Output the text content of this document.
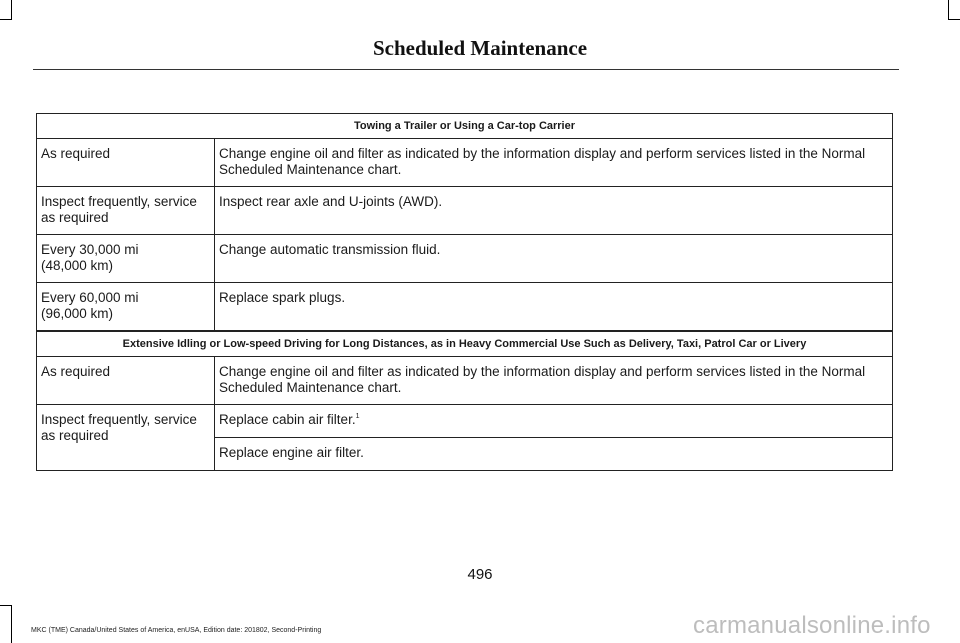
Scheduled Maintenance
Towing a Trailer or Using a Car-top Carrier	
As required	Change engine oil and filter as indicated by the information display and perform services listed in the Normal Scheduled Maintenance chart.
Inspect frequently, service as required	Inspect rear axle and U-joints (AWD).

Every 30,000 mi
(48,000 km)	Change automatic transmission fluid.

Every 60,000 mi
(96,000 km)	Replace spark plugs.
Extensive Idling or Low-speed Driving for Long Distances, as in Heavy Commercial Use Such as Delivery, Taxi, Patrol Car or Livery	
As required	Change engine oil and filter as indicated by the information display and perform services listed in the Normal Scheduled Maintenance chart.
Inspect frequently, service as required	Replace cabin air filter.$^1$
	Replace engine air filter.
496
MKC (TME) Canada/United States of America, enUSA, Edition date: 201802, Second-Printing	carmanualsonline.info
